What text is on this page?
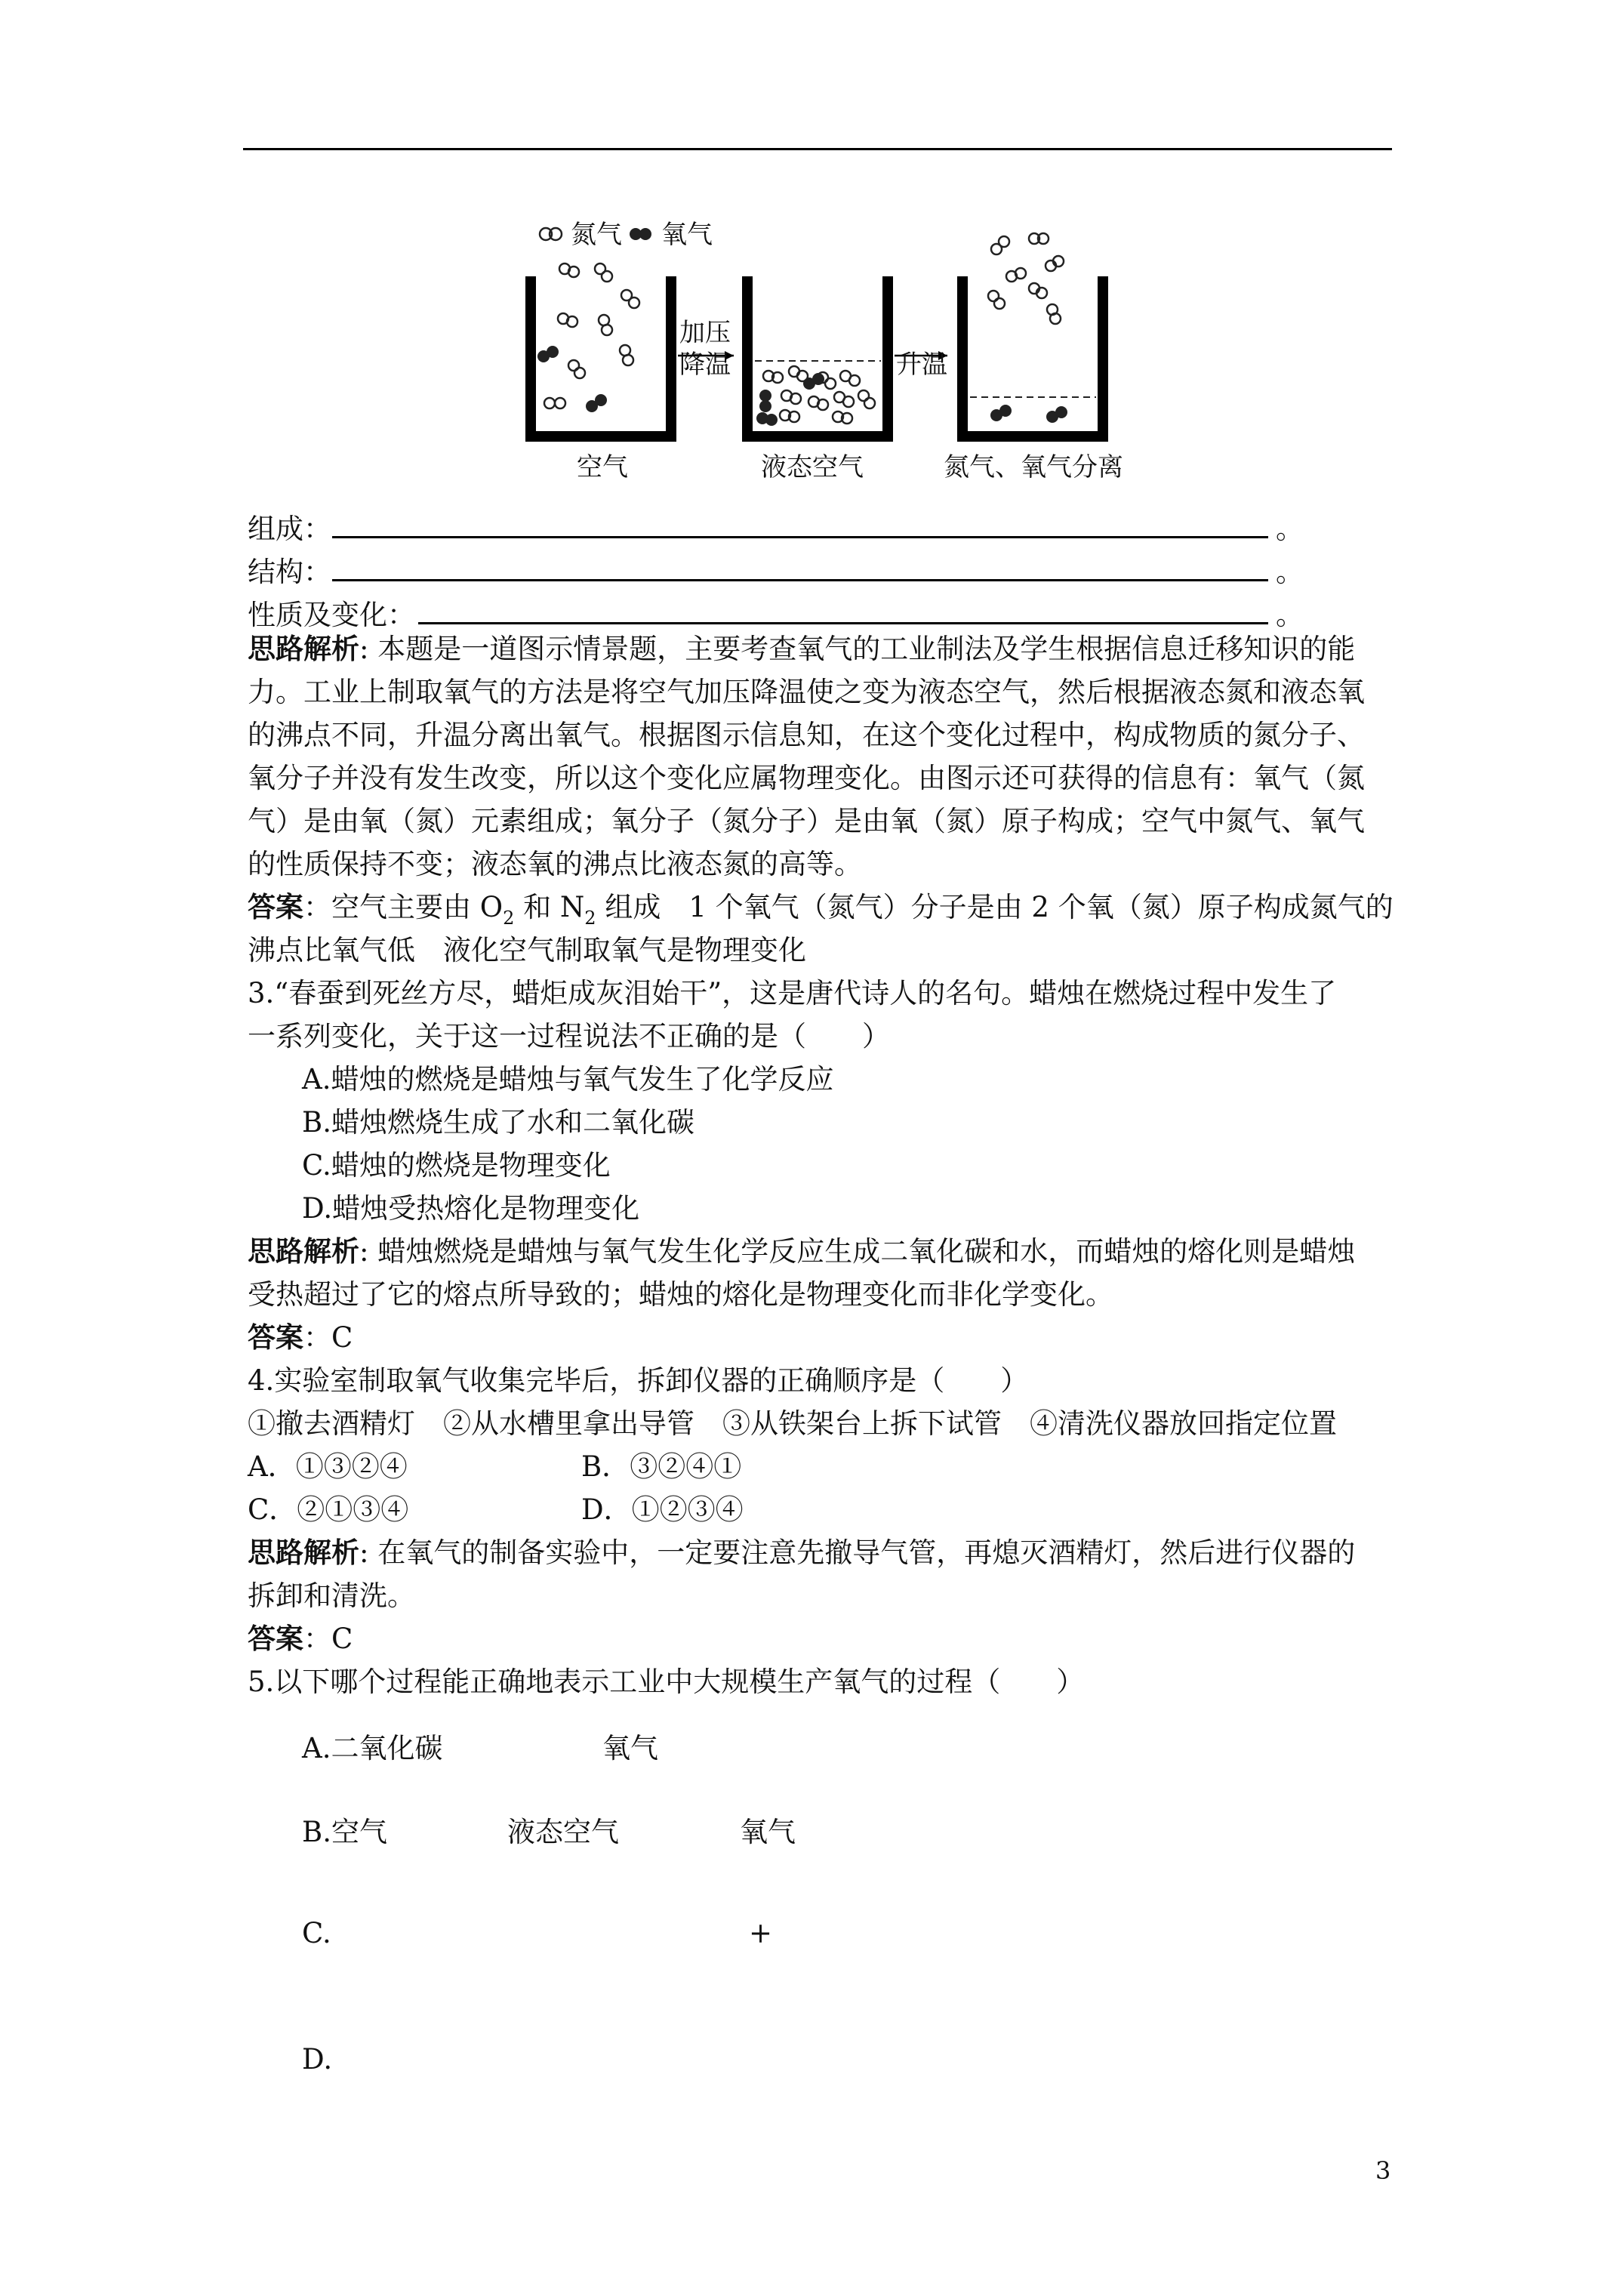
氮气 氧气
加压
降温	升温
空气	液态空气	氮气、氧气分离
组成：	。
结构：	。
性质及变化：	。
思路解析: 本题是一道图示情景题，主要考查氧气的工业制法及学生根据信息迁移知识的能
力。工业上制取氧气的方法是将空气加压降温使之变为液态空气，然后根据液态氮和液态氧
的沸点不同，升温分离出氧气。根据图示信息知，在这个变化过程中，构成物质的氮分子、
氧分子并没有发生改变，所以这个变化应属物理变化。由图示还可获得的信息有：氧气（氮
气）是由氧（氮）元素组成；氧分子（氮分子）是由氧（氮）原子构成；空气中氮气、氧气
的性质保持不变；液态氧的沸点比液态氮的高等。
答案：空气主要由 $O_2$ 和 $N_2$ 组成　1 个氧气（氮气）分子是由 2 个氧（氮）原子构成氮气的
沸点比氧气低　液化空气制取氧气是物理变化
3.“春蚕到死丝方尽，蜡炬成灰泪始干”，这是唐代诗人的名句。蜡烛在燃烧过程中发生了
一系列变化，关于这一过程说法不正确的是（　　）
A.蜡烛的燃烧是蜡烛与氧气发生了化学反应
B.蜡烛燃烧生成了水和二氧化碳
C.蜡烛的燃烧是物理变化
D.蜡烛受热熔化是物理变化
思路解析: 蜡烛燃烧是蜡烛与氧气发生化学反应生成二氧化碳和水，而蜡烛的熔化则是蜡烛
受热超过了它的熔点所导致的；蜡烛的熔化是物理变化而非化学变化。
答案：C
4.实验室制取氧气收集完毕后，拆卸仪器的正确顺序是（　　）
①撤去酒精灯　②从水槽里拿出导管　③从铁架台上拆下试管　④清洗仪器放回指定位置
A．①③②④	B．③②④①
C．②①③④	D．①②③④
思路解析: 在氧气的制备实验中，一定要注意先撤导气管，再熄灭酒精灯，然后进行仪器的
拆卸和清洗。
答案：C
5.以下哪个过程能正确地表示工业中大规模生产氧气的过程（　　）
A.二氧化碳	氧气
B.空气	液态空气	氧气
C.	+
D.
3
